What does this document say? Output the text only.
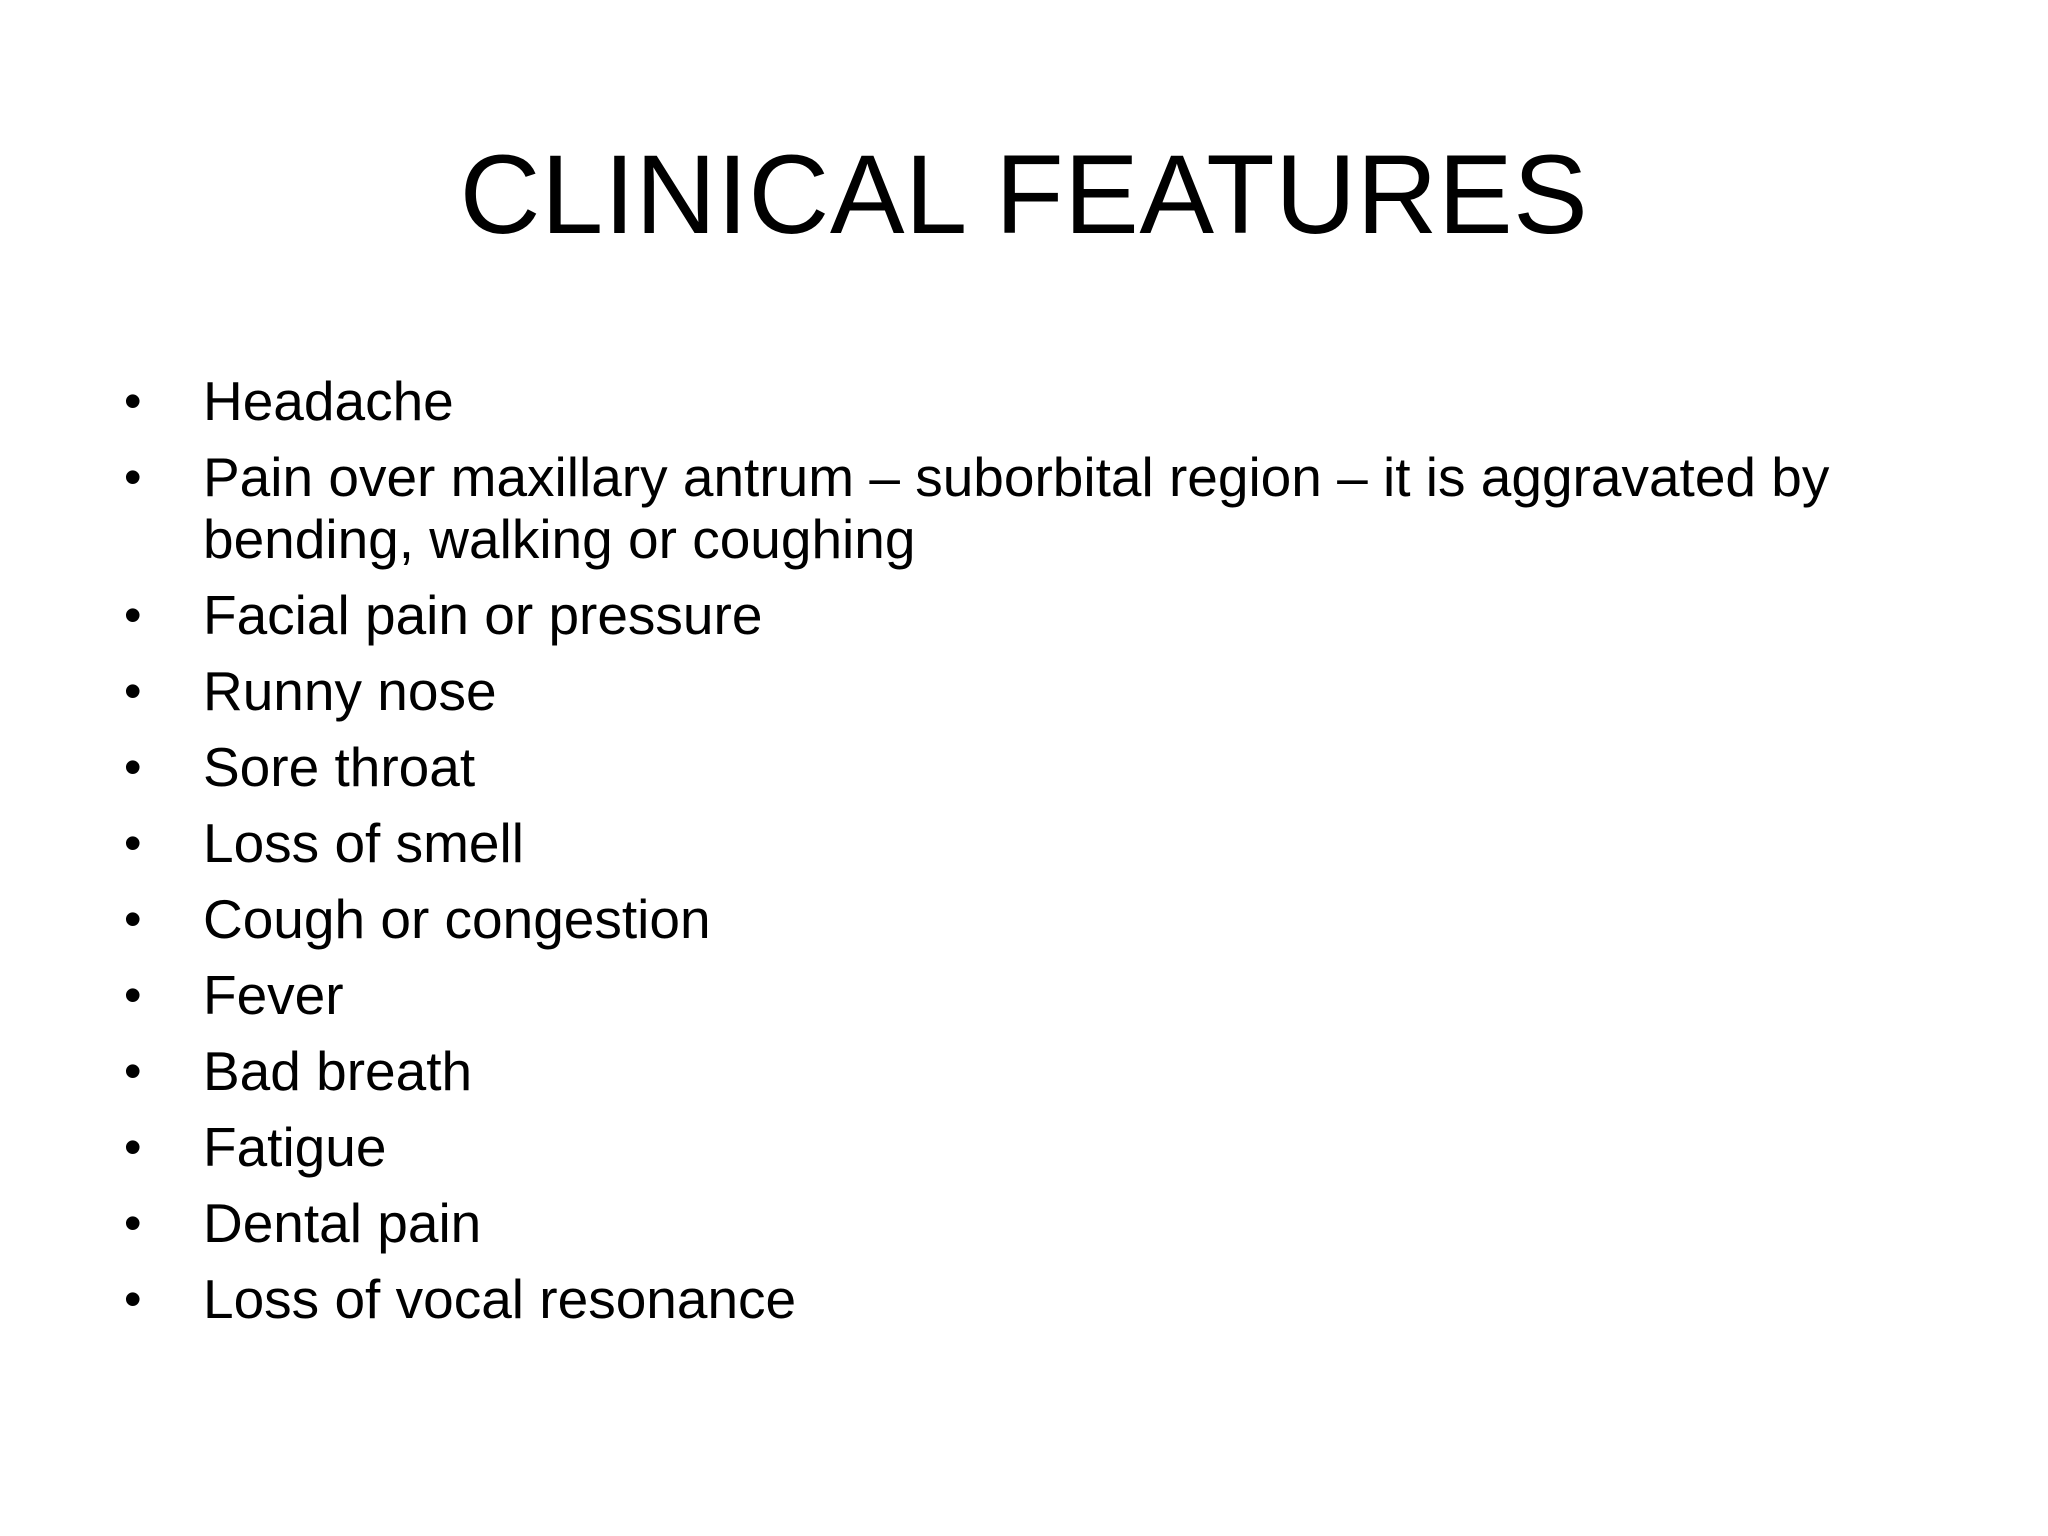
CLINICAL FEATURES
• Headache
• Pain over maxillary antrum – suborbital region – it is aggravated by bending, walking or coughing
• Facial pain or pressure
• Runny nose
• Sore throat
• Loss of smell
• Cough or congestion
• Fever
• Bad breath
• Fatigue
• Dental pain
• Loss of vocal resonance
